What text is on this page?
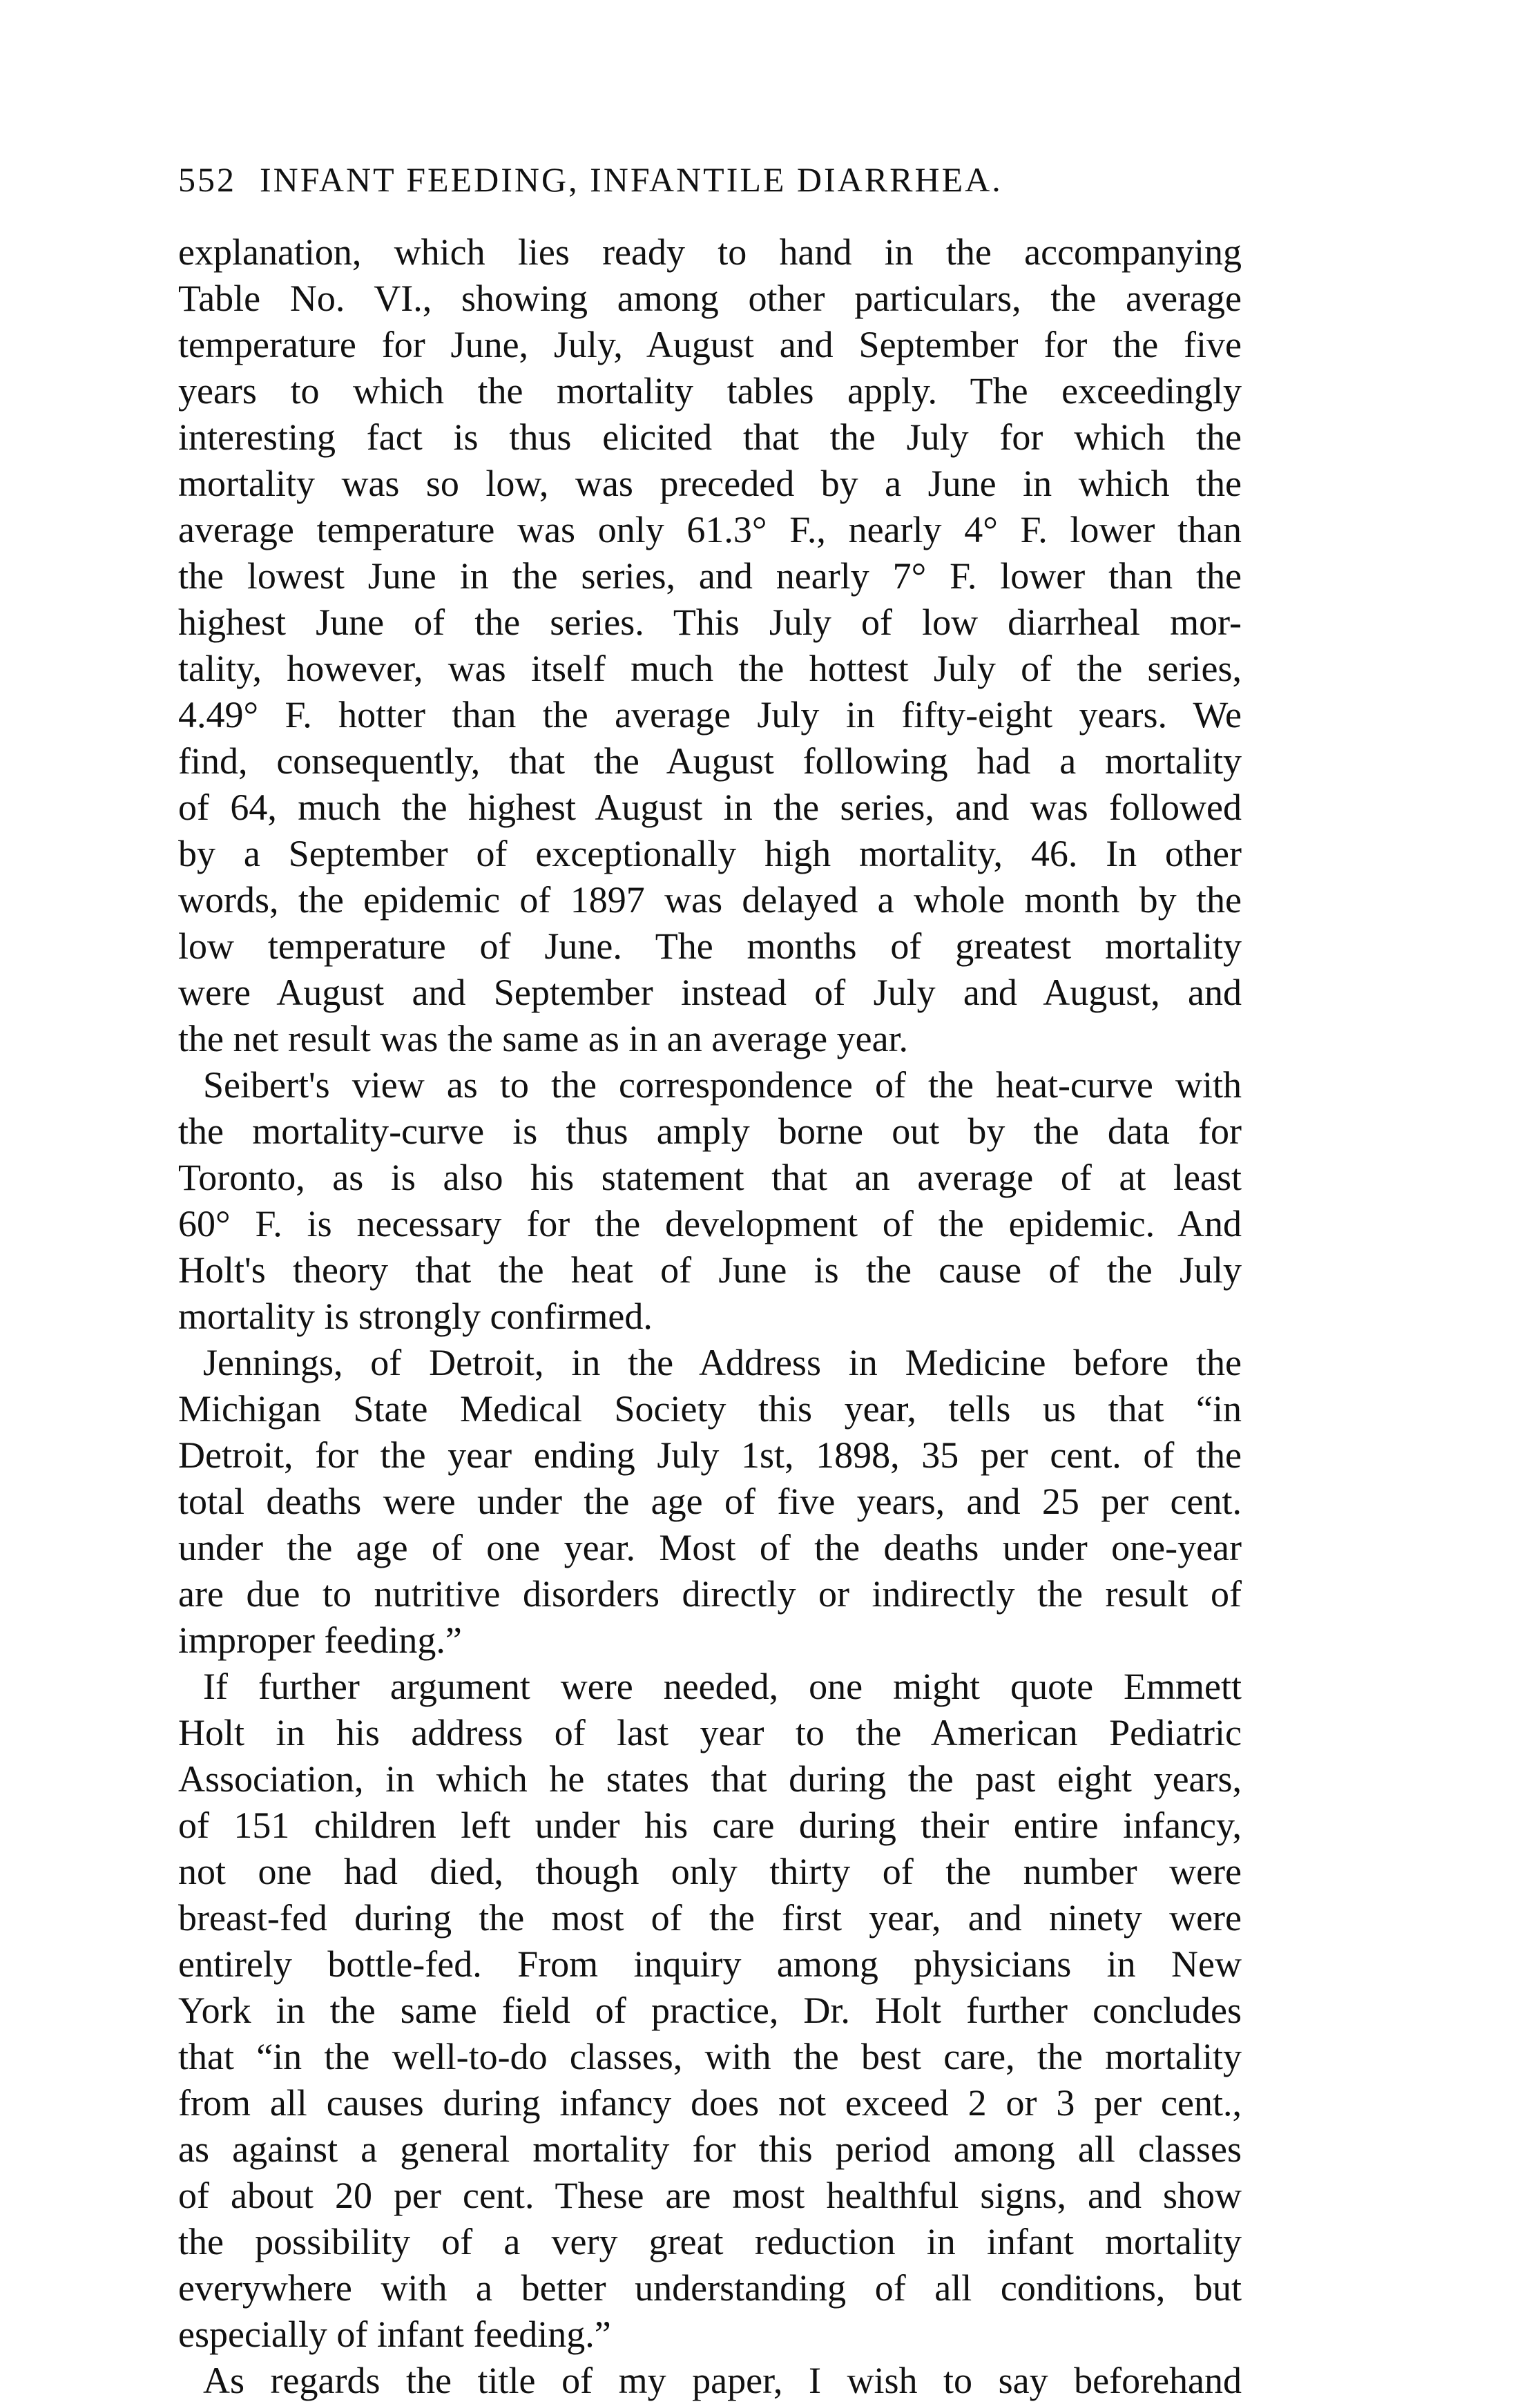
552 INFANT FEEDING, INFANTILE DIARRHEA.
explanation, which lies ready to hand in the accompanying
Table No. VI., showing among other particulars, the average
temperature for June, July, August and September for the five
years to which the mortality tables apply. The exceedingly
interesting fact is thus elicited that the July for which the
mortality was so low, was preceded by a June in which the
average temperature was only 61.3° F., nearly 4° F. lower than
the lowest June in the series, and nearly 7° F. lower than the
highest June of the series. This July of low diarrheal mor-
tality, however, was itself much the hottest July of the series,
4.49° F. hotter than the average July in fifty-eight years. We
find, consequently, that the August following had a mortality
of 64, much the highest August in the series, and was followed
by a September of exceptionally high mortality, 46. In other
words, the epidemic of 1897 was delayed a whole month by the
low temperature of June. The months of greatest mortality
were August and September instead of July and August, and
the net result was the same as in an average year.
Seibert's view as to the correspondence of the heat-curve with
the mortality-curve is thus amply borne out by the data for
Toronto, as is also his statement that an average of at least
60° F. is necessary for the development of the epidemic. And
Holt's theory that the heat of June is the cause of the July
mortality is strongly confirmed.
Jennings, of Detroit, in the Address in Medicine before the
Michigan State Medical Society this year, tells us that “in
Detroit, for the year ending July 1st, 1898, 35 per cent. of the
total deaths were under the age of five years, and 25 per cent.
under the age of one year. Most of the deaths under one-year
are due to nutritive disorders directly or indirectly the result of
improper feeding.”
If further argument were needed, one might quote Emmett
Holt in his address of last year to the American Pediatric
Association, in which he states that during the past eight years,
of 151 children left under his care during their entire infancy,
not one had died, though only thirty of the number were
breast-fed during the most of the first year, and ninety were
entirely bottle-fed. From inquiry among physicians in New
York in the same field of practice, Dr. Holt further concludes
that “in the well-to-do classes, with the best care, the mortality
from all causes during infancy does not exceed 2 or 3 per cent.,
as against a general mortality for this period among all classes
of about 20 per cent. These are most healthful signs, and show
the possibility of a very great reduction in infant mortality
everywhere with a better understanding of all conditions, but
especially of infant feeding.”
As regards the title of my paper, I wish to say beforehand
